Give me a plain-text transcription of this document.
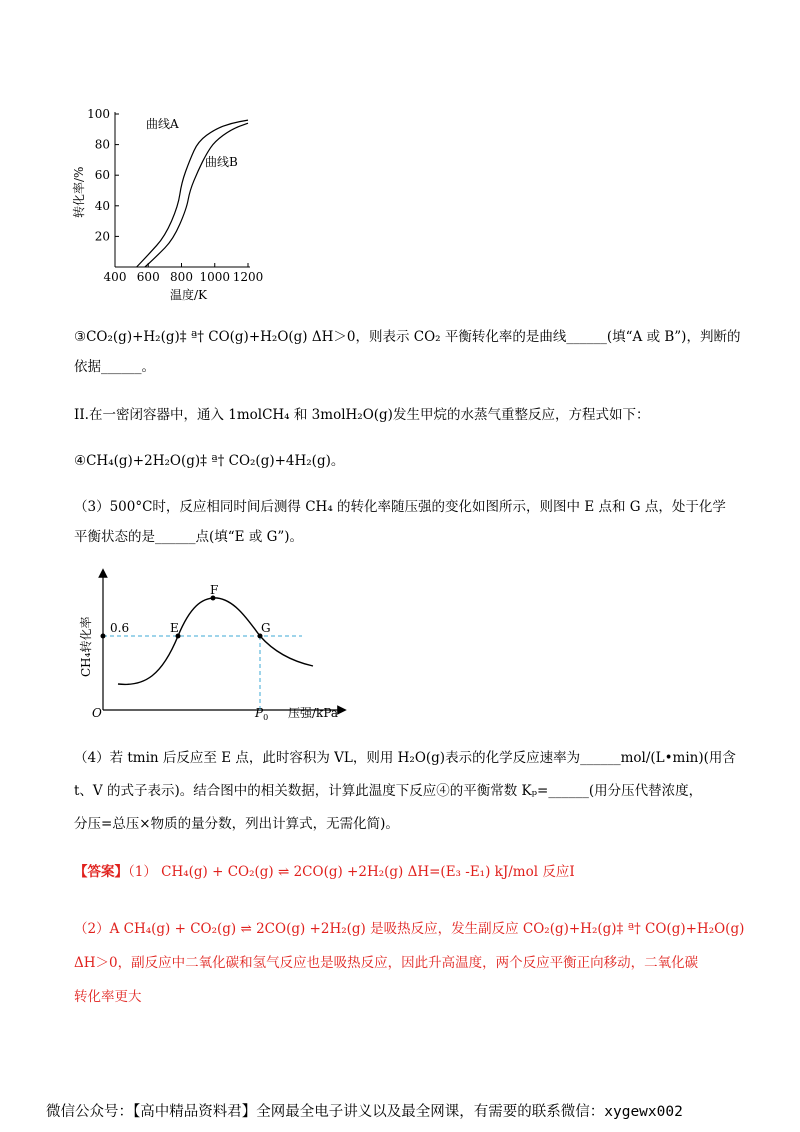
20
40
60
80
100
400 600 800 1000 1200
曲线A
曲线B
温度/K
转化率/%
③CO₂(g)+H₂(g)‡ ª† CO(g)+H₂O(g) ΔH＞0，则表示 CO₂ 平衡转化率的是曲线______(填“A 或 B”)，判断的
依据______。
II.在一密闭容器中，通入 1molCH₄ 和 3molH₂O(g)发生甲烷的水蒸气重整反应，方程式如下：
④CH₄(g)+2H₂O(g)‡ ª† CO₂(g)+4H₂(g)。
（3）500°C时，反应相同时间后测得 CH₄ 的转化率随压强的变化如图所示，则图中 E 点和 G 点，处于化学
平衡状态的是______点(填“E 或 G”)。
0.6	E
F
G
O	$P_0$ 压强/kPa
CH₄转化率
（4）若 tmin 后反应至 E 点，此时容积为 VL，则用 H₂O(g)表示的化学反应速率为______mol/(L•min)(用含
t、V 的式子表示)。结合图中的相关数据，计算此温度下反应④的平衡常数 Kₚ=______(用分压代替浓度，
分压=总压×物质的量分数，列出计算式，无需化简)。
【答案】（1） CH₄(g) + CO₂(g) ⇌ 2CO(g) +2H₂(g) ΔH=(E₃ -E₁) kJ/mol 反应I
（2）A CH₄(g) + CO₂(g) ⇌ 2CO(g) +2H₂(g) 是吸热反应，发生副反应 CO₂(g)+H₂(g)‡ ª† CO(g)+H₂O(g)
ΔH＞0，副反应中二氧化碳和氢气反应也是吸热反应，因此升高温度，两个反应平衡正向移动，二氧化碳
转化率更大
微信公众号：【高中精品资料君】全网最全电子讲义以及最全网课，有需要的联系微信：xygewx002
